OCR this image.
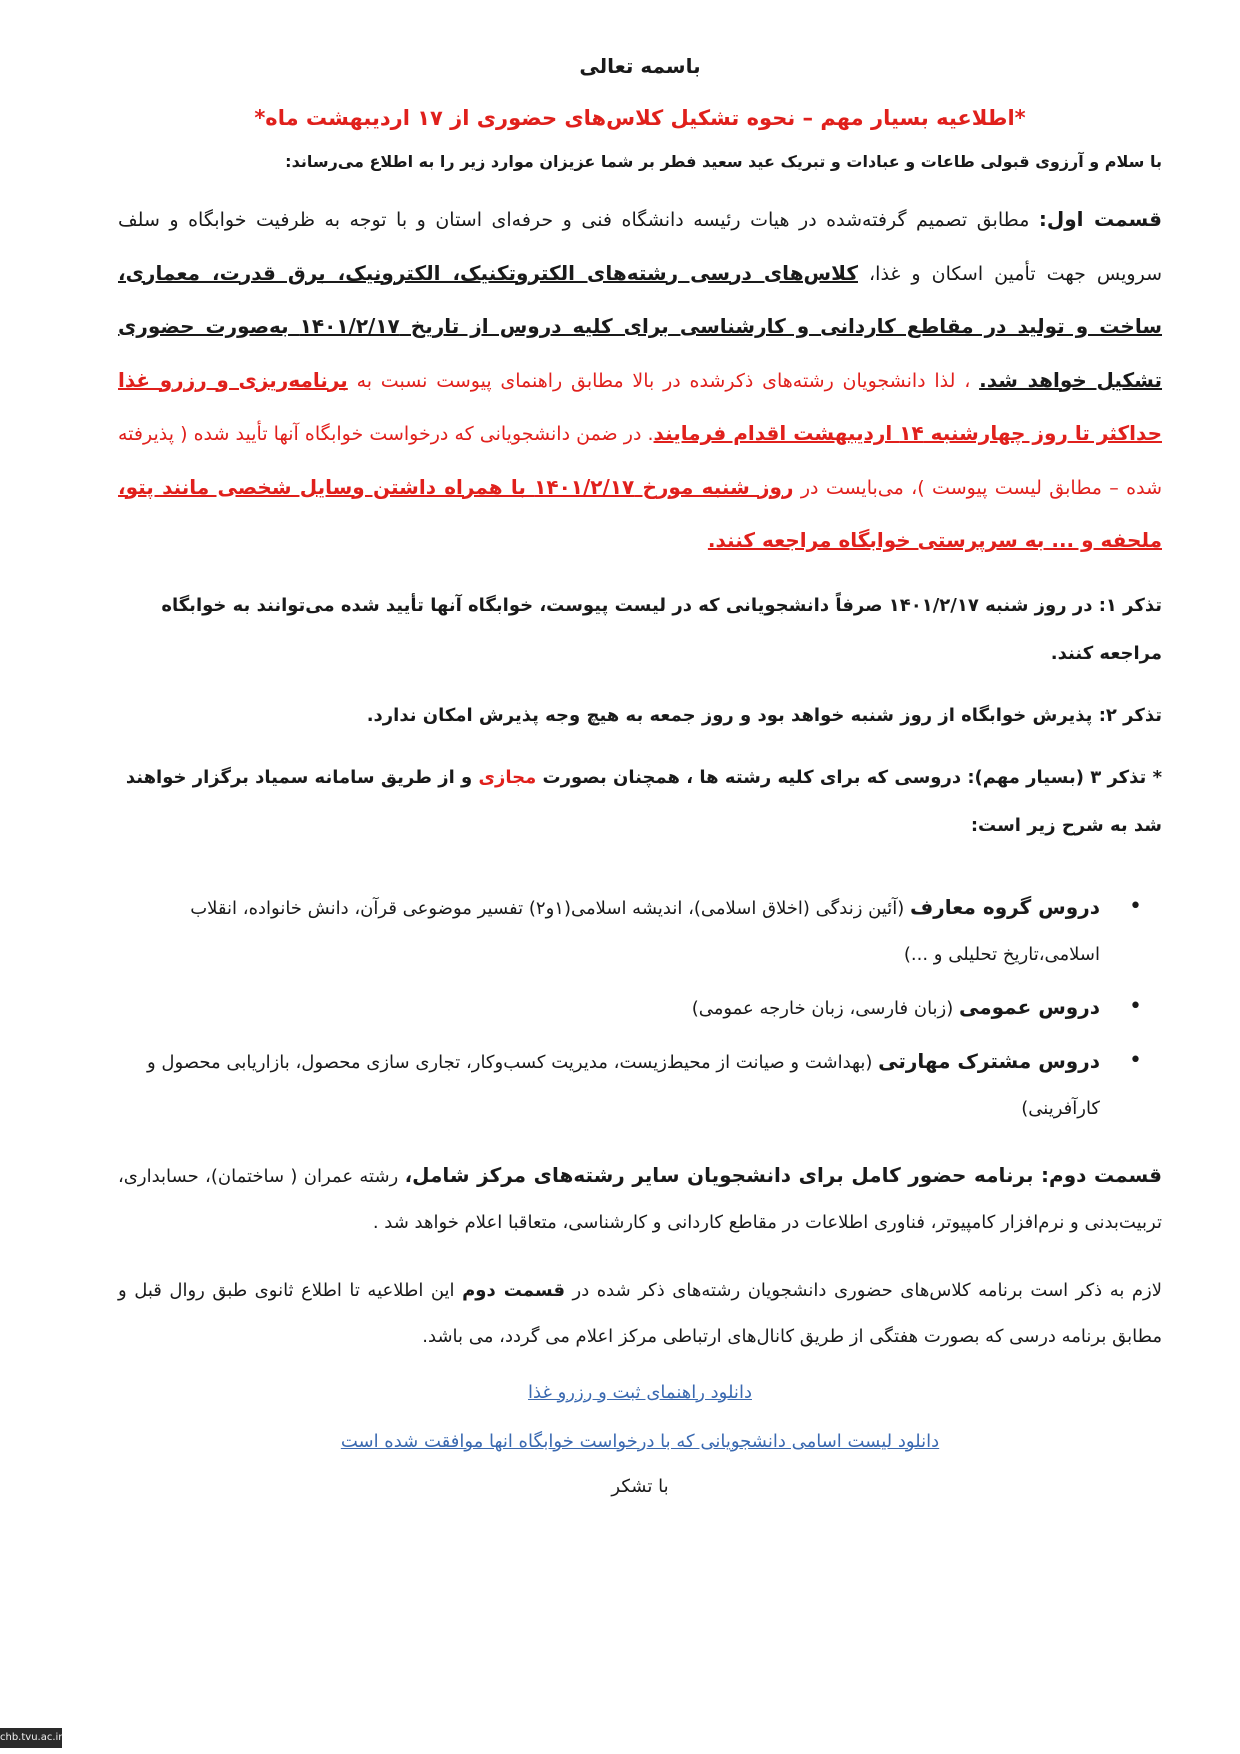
باسمه تعالی
*اطلاعیه بسیار مهم – نحوه تشکیل کلاس‌های حضوری از ۱۷ اردیبهشت ماه*
با سلام و آرزوی قبولی طاعات و عبادات و تبریک عید سعید فطر بر شما عزیزان موارد زیر را به اطلاع می‌رساند:
قسمت اول: مطابق تصمیم گرفته‌شده در هیات رئیسه دانشگاه فنی و حرفه‌ای استان و با توجه به ظرفیت خوابگاه و سلف سرویس جهت تأمین اسکان و غذا، کلاس‌های درسی رشته‌های الکتروتکنیک، الکترونیک، برق قدرت، معماری، ساخت و تولید در مقاطع کاردانی و کارشناسی برای کلیه دروس از تاریخ ۱۴۰۱/۲/۱۷ به‌صورت حضوری تشکیل خواهد شد. ، لذا دانشجویان رشته‌های ذکرشده در بالا مطابق راهنمای پیوست نسبت به برنامه‌ریزی و رزرو غذا حداکثر تا روز چهارشنبه ۱۴ اردیبهشت اقدام فرمایند. در ضمن دانشجویانی که درخواست خوابگاه آنها تأیید شده ( پذیرفته شده – مطابق لیست پیوست )، می‌بایست در روز شنبه مورخ ۱۴۰۱/۲/۱۷ با همراه داشتن وسایل شخصی مانند پتو، ملحفه و ... به سرپرستی خوابگاه مراجعه کنند.
تذکر ۱: در روز شنبه ۱۴۰۱/۲/۱۷ صرفاً دانشجویانی که در لیست پیوست، خوابگاه آنها تأیید شده می‌توانند به خوابگاه مراجعه کنند.
تذکر ۲: پذیرش خوابگاه از روز شنبه خواهد بود و روز جمعه به هیچ وجه پذیرش امکان ندارد.
* تذکر ۳ (بسیار مهم): دروسی که برای کلیه رشته ها ، همچنان بصورت مجازی و از طریق سامانه سمیاد برگزار خواهند شد به شرح زیر است:
•
دروس گروه معارف (آئین زندگی (اخلاق اسلامی)، اندیشه اسلامی(۱و۲) تفسیر موضوعی قرآن، دانش خانواده، انقلاب اسلامی،تاریخ تحلیلی و ...)
•
دروس عمومی (زبان فارسی، زبان خارجه عمومی)
•
دروس مشترک مهارتی (بهداشت و صیانت از محیط‌زیست، مدیریت کسب‌وکار، تجاری سازی محصول، بازاریابی محصول و کارآفرینی)
قسمت دوم: برنامه حضور کامل برای دانشجویان سایر رشته‌های مرکز شامل، رشته عمران ( ساختمان)، حسابداری، تربیت‌بدنی و نرم‌افزار کامپیوتر، فناوری اطلاعات در مقاطع کاردانی و کارشناسی، متعاقبا اعلام خواهد شد .
لازم به ذکر است برنامه کلاس‌های حضوری دانشجویان رشته‌های ذکر شده در قسمت دوم این اطلاعیه تا اطلاع ثانوی طبق روال قبل و مطابق برنامه درسی که بصورت هفتگی از طریق کانال‌های ارتباطی مرکز اعلام می گردد، می باشد.
دانلود راهنمای ثبت و رزرو غذا
دانلود لیست اسامی دانشجویانی که با درخواست خوابگاه انها موافقت شده است
با تشکر
chb.tvu.ac.ir
